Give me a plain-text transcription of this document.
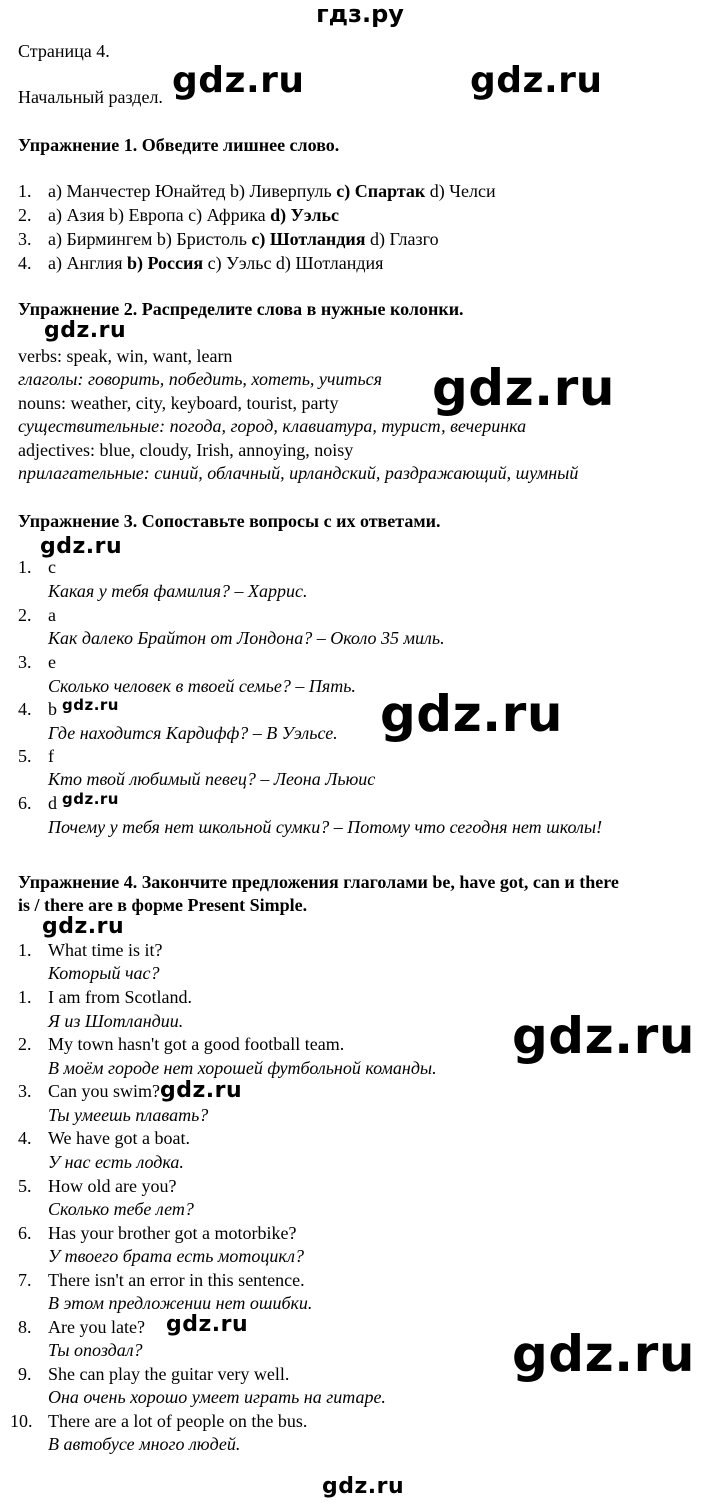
гдз.ру
Страница 4.
Начальный раздел.
Упражнение 1. Обведите лишнее слово.
1. a) Манчестер Юнайтед b) Ливерпуль c) Спартак d) Челси
2. a) Азия b) Европа c) Африка d) Уэльс
3. a) Бирмингем b) Бристоль c) Шотландия d) Глазго
4. a) Англия b) Россия c) Уэльс d) Шотландия
Упражнение 2. Распределите слова в нужные колонки.
verbs: speak, win, want, learn
глаголы: говорить, победить, хотеть, учиться
nouns: weather, city, keyboard, tourist, party
существительные: погода, город, клавиатура, турист, вечеринка
adjectives: blue, cloudy, Irish, annoying, noisy
прилагательные: синий, облачный, ирландский, раздражающий, шумный
Упражнение 3. Сопоставьте вопросы с их ответами.
1. c
Какая у тебя фамилия? – Харрис.
2. a
Как далеко Брайтон от Лондона? – Около 35 миль.
3. e
Сколько человек в твоей семье? – Пять.
4. b
Где находится Кардифф? – В Уэльсе.
5. f
Кто твой любимый певец? – Леона Льюис
6. d
Почему у тебя нет школьной сумки? – Потому что сегодня нет школы!
Упражнение 4. Закончите предложения глаголами be, have got, can и there
is / there are в форме Present Simple.
1. What time is it?
Который час?
1. I am from Scotland.
Я из Шотландии.
2. My town hasn't got a good football team.
В моём городе нет хорошей футбольной команды.
3. Can you swim?
Ты умеешь плавать?
4. We have got a boat.
У нас есть лодка.
5. How old are you?
Сколько тебе лет?
6. Has your brother got a motorbike?
У твоего брата есть мотоцикл?
7. There isn't an error in this sentence.
В этом предложении нет ошибки.
8. Are you late?
Ты опоздал?
9. She can play the guitar very well.
Она очень хорошо умеет играть на гитаре.
10. There are a lot of people on the bus.
В автобусе много людей.
gdz.ru	gdz.ru
gdz.ru
gdz.ru
gdz.ru
gdz.ru	gdz.ru
gdz.ru
gdz.ru
gdz.ru
gdz.ru
gdz.ru
gdz.ru
gdz.ru
